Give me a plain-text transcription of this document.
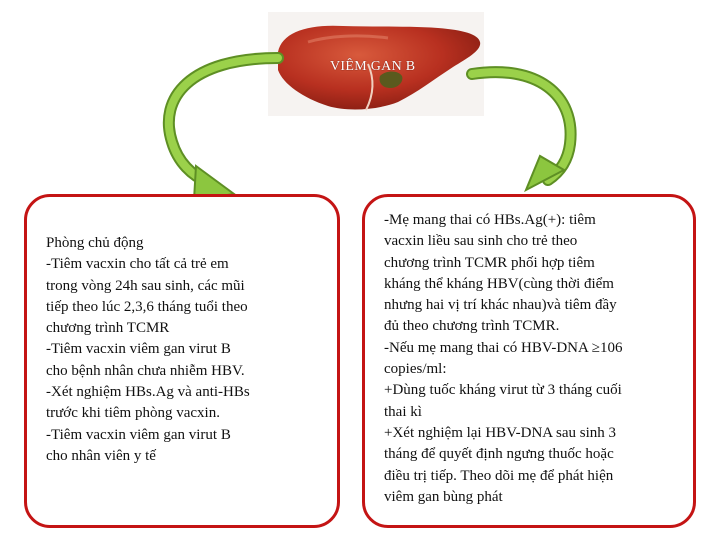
VIÊM GAN B
Phòng chủ động
-Tiêm vacxin cho tất cả trẻ em
trong vòng 24h sau sinh, các mũi
tiếp theo lúc 2,3,6 tháng tuổi theo
chương trình TCMR
-Tiêm vacxin viêm gan virut B
cho bệnh nhân chưa nhiễm HBV.
-Xét nghiệm HBs.Ag và anti-HBs
trước khi tiêm phòng vacxin.
-Tiêm vacxin viêm gan virut B
cho nhân viên y tế
-Mẹ mang thai có HBs.Ag(+): tiêm
vacxin liều sau sinh cho trẻ theo
chương trình TCMR phối hợp tiêm
kháng thể kháng HBV(cùng thời điểm
nhưng hai vị trí khác nhau)và tiêm đầy
đủ theo chương trình TCMR.
-Nếu mẹ mang thai có HBV-DNA ≥106
copies/ml:
+Dùng tuốc kháng virut từ 3 tháng cuối
thai kì
+Xét nghiệm lại HBV-DNA sau sinh 3
tháng để quyết định ngưng thuốc hoặc
điều trị tiếp. Theo dõi mẹ để phát hiện
viêm gan bùng phát
